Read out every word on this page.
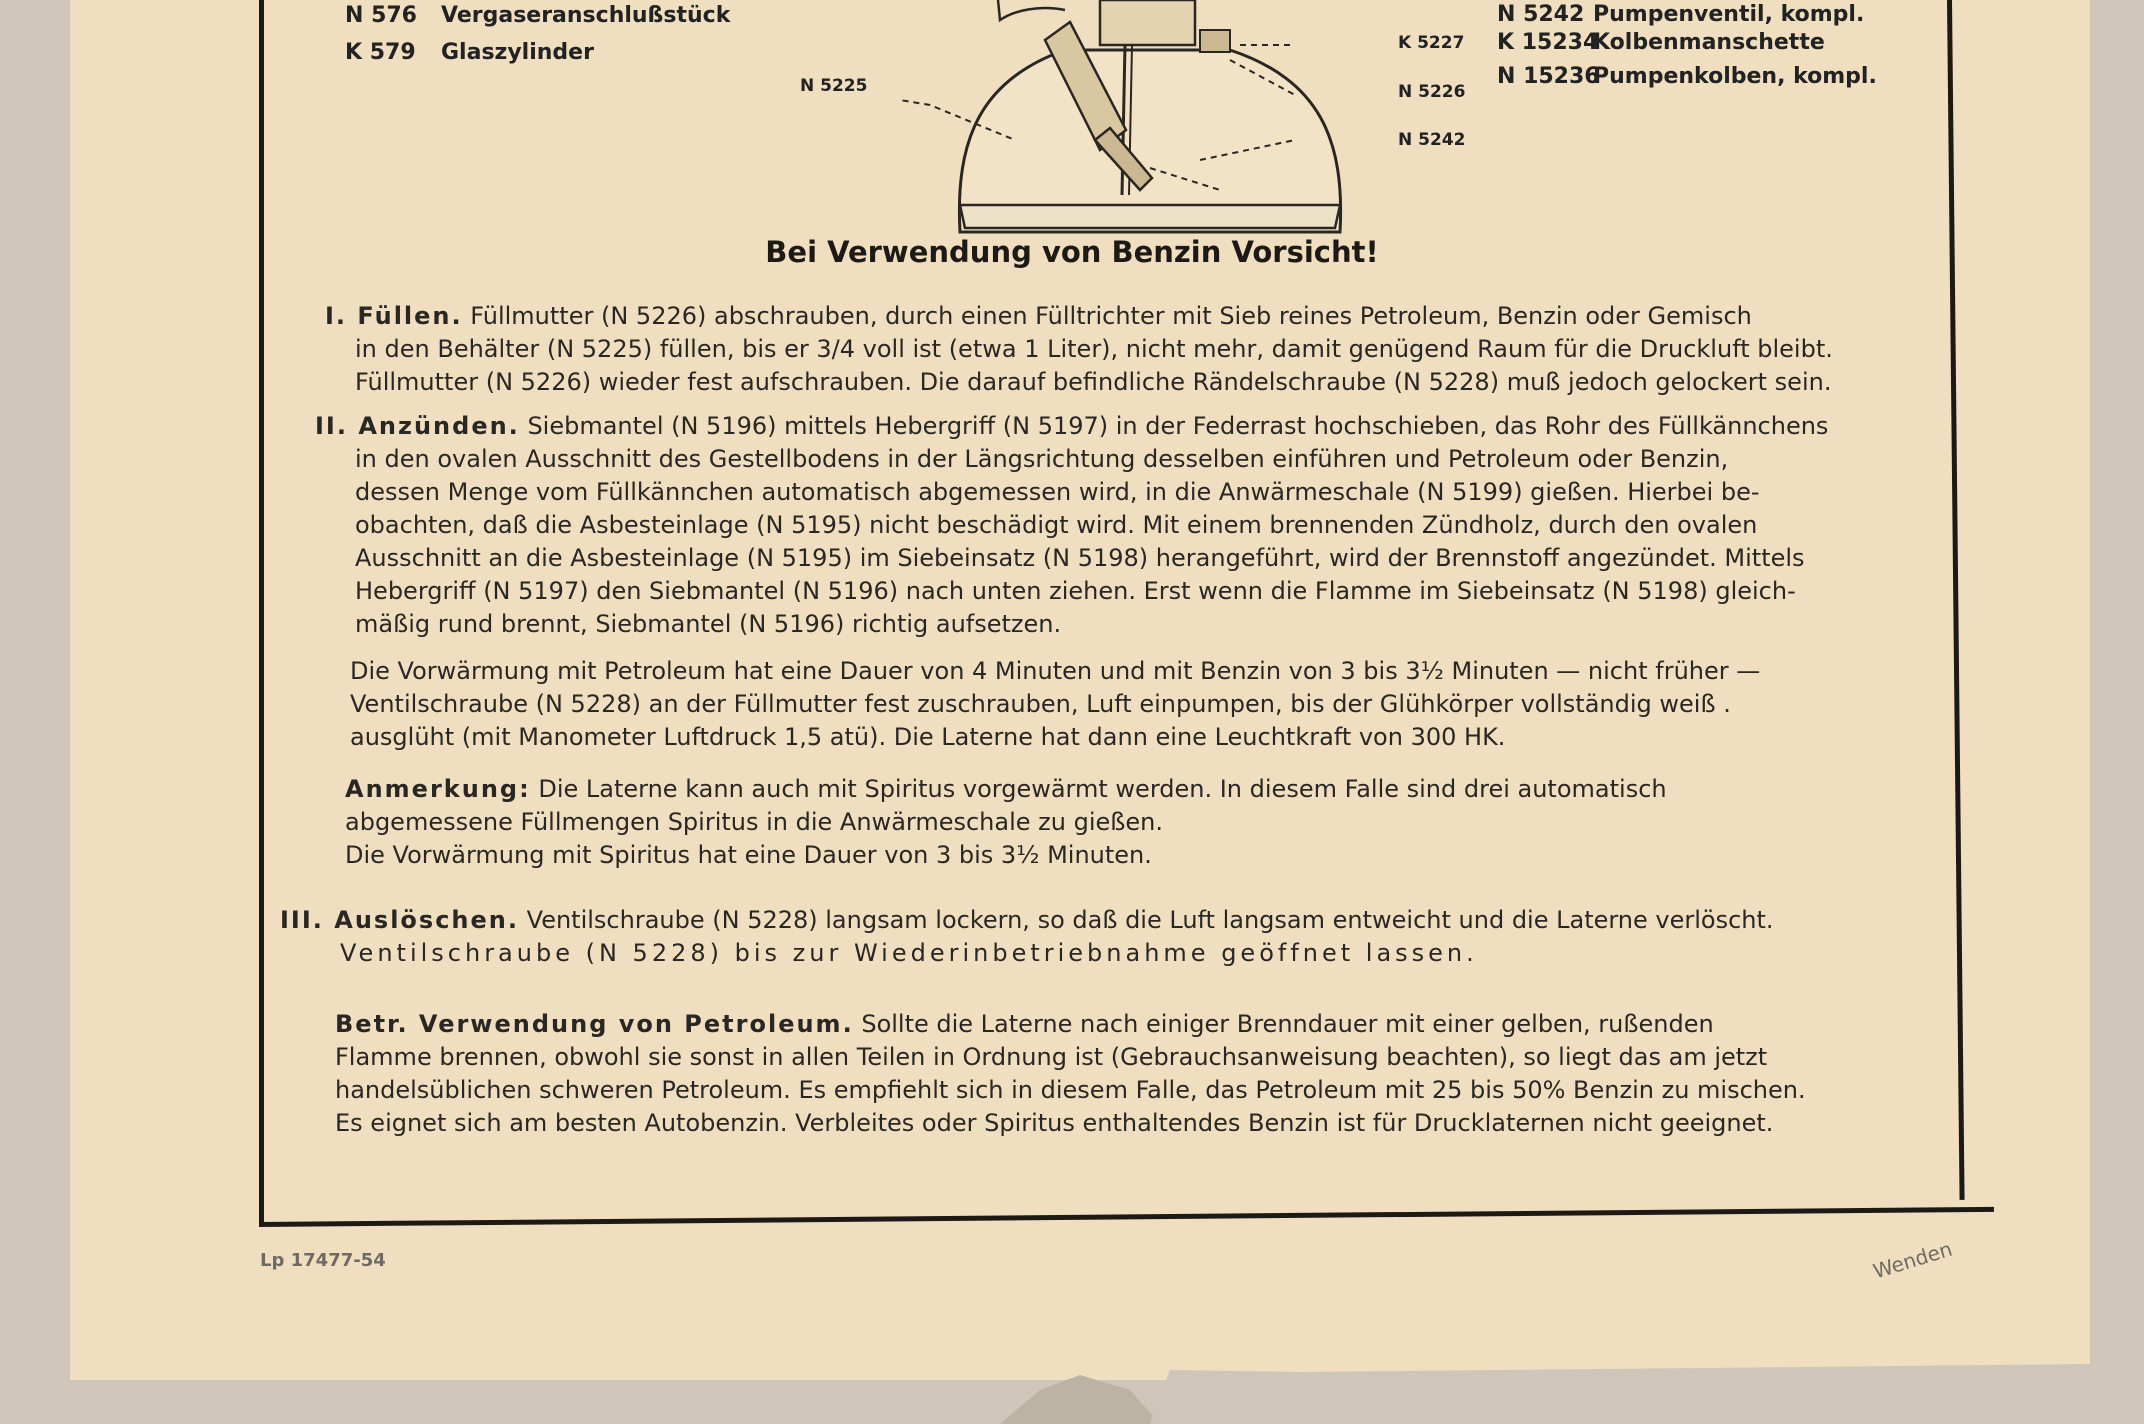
N 576 Vergaseranschlußstück
K 579 Glaszylinder
N 5242 Pumpenventil, kompl.
K 15234Kolbenmanschette
N 15236Pumpenkolben, kompl.
N 5225
K 5227
N 5226
N 5242
Bei Verwendung von Benzin Vorsicht!

I. Füllen. Füllmutter (N 5226) abschrauben, durch einen Fülltrichter mit Sieb reines Petroleum, Benzin oder Gemisch

in den Behälter (N 5225) füllen, bis er 3/4 voll ist (etwa 1 Liter), nicht mehr, damit genügend Raum für die Druckluft bleibt.

Füllmutter (N 5226) wieder fest aufschrauben. Die darauf befindliche Rändelschraube (N 5228) muß jedoch gelockert sein.

II. Anzünden. Siebmantel (N 5196) mittels Hebergriff (N 5197) in der Federrast hochschieben, das Rohr des Füllkännchens

in den ovalen Ausschnitt des Gestellbodens in der Längsrichtung desselben einführen und Petroleum oder Benzin,

dessen Menge vom Füllkännchen automatisch abgemessen wird, in die Anwärmeschale (N 5199) gießen. Hierbei be-

obachten, daß die Asbesteinlage (N 5195) nicht beschädigt wird. Mit einem brennenden Zündholz, durch den ovalen

Ausschnitt an die Asbesteinlage (N 5195) im Siebeinsatz (N 5198) herangeführt, wird der Brennstoff angezündet. Mittels

Hebergriff (N 5197) den Siebmantel (N 5196) nach unten ziehen. Erst wenn die Flamme im Siebeinsatz (N 5198) gleich-

mäßig rund brennt, Siebmantel (N 5196) richtig aufsetzen.

Die Vorwärmung mit Petroleum hat eine Dauer von 4 Minuten und mit Benzin von 3 bis 3½ Minuten — nicht früher —

Ventilschraube (N 5228) an der Füllmutter fest zuschrauben, Luft einpumpen, bis der Glühkörper vollständig weiß .

ausglüht (mit Manometer Luftdruck 1,5 atü). Die Laterne hat dann eine Leuchtkraft von 300 HK.

Anmerkung: Die Laterne kann auch mit Spiritus vorgewärmt werden. In diesem Falle sind drei automatisch

abgemessene Füllmengen Spiritus in die Anwärmeschale zu gießen.

Die Vorwärmung mit Spiritus hat eine Dauer von 3 bis 3½ Minuten.

III. Auslöschen. Ventilschraube (N 5228) langsam lockern, so daß die Luft langsam entweicht und die Laterne verlöscht.

Ventilschraube (N 5228) bis zur Wiederinbetriebnahme geöffnet lassen.

Betr. Verwendung von Petroleum. Sollte die Laterne nach einiger Brenndauer mit einer gelben, rußenden

Flamme brennen, obwohl sie sonst in allen Teilen in Ordnung ist (Gebrauchsanweisung beachten), so liegt das am jetzt

handelsüblichen schweren Petroleum. Es empfiehlt sich in diesem Falle, das Petroleum mit 25 bis 50% Benzin zu mischen.

Es eignet sich am besten Autobenzin. Verbleites oder Spiritus enthaltendes Benzin ist für Drucklaternen nicht geeignet.

Lp 17477-54	Wenden
